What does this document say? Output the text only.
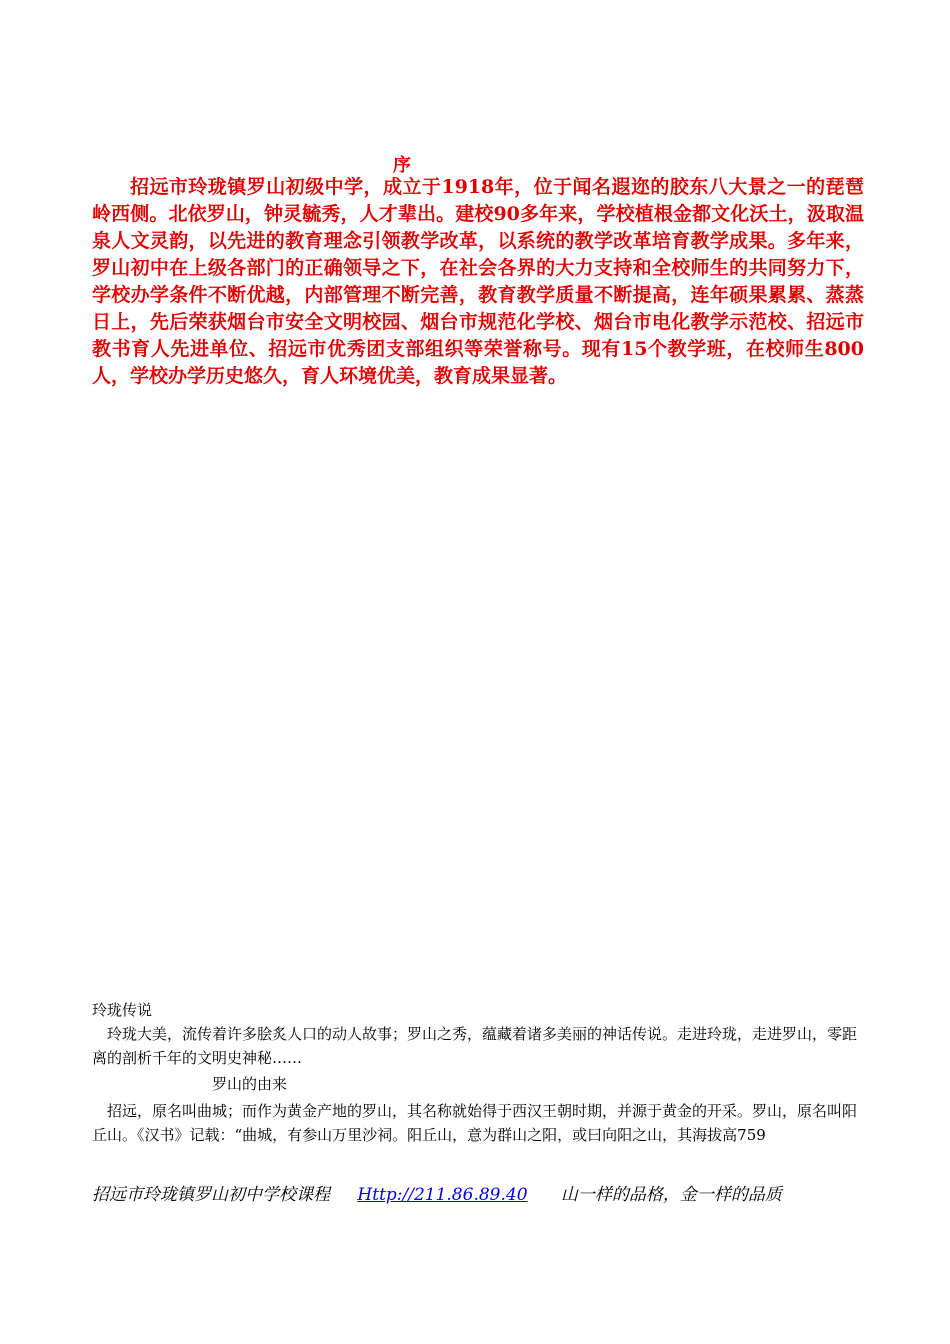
序
招远市玲珑镇罗山初级中学，成立于1918年，位于闻名遐迩的胶东八大景之一的琵琶岭西侧。北依罗山，钟灵毓秀，人才辈出。建校90多年来，学校植根金都文化沃土，汲取温泉人文灵韵，以先进的教育理念引领教学改革，以系统的教学改革培育教学成果。多年来，罗山初中在上级各部门的正确领导之下，在社会各界的大力支持和全校师生的共同努力下，学校办学条件不断优越，内部管理不断完善，教育教学质量不断提高，连年硕果累累、蒸蒸日上，先后荣获烟台市安全文明校园、烟台市规范化学校、烟台市电化教学示范校、招远市教书育人先进单位、招远市优秀团支部组织等荣誉称号。现有15个教学班，在校师生800人，学校办学历史悠久，育人环境优美，教育成果显著。
玲珑传说
玲珑大美，流传着许多脍炙人口的动人故事；罗山之秀，蕴藏着诸多美丽的神话传说。走进玲珑，走进罗山，零距离的剖析千年的文明史神秘……
罗山的由来
招远，原名叫曲城；而作为黄金产地的罗山，其名称就始得于西汉王朝时期，并源于黄金的开采。罗山，原名叫阳丘山。《汉书》记载：“曲城，有参山万里沙祠。阳丘山，意为群山之阳，或曰向阳之山，其海拔高759
招远市玲珑镇罗山初中学校课程 Http://211.86.89.40 山一样的品格，金一样的品质
